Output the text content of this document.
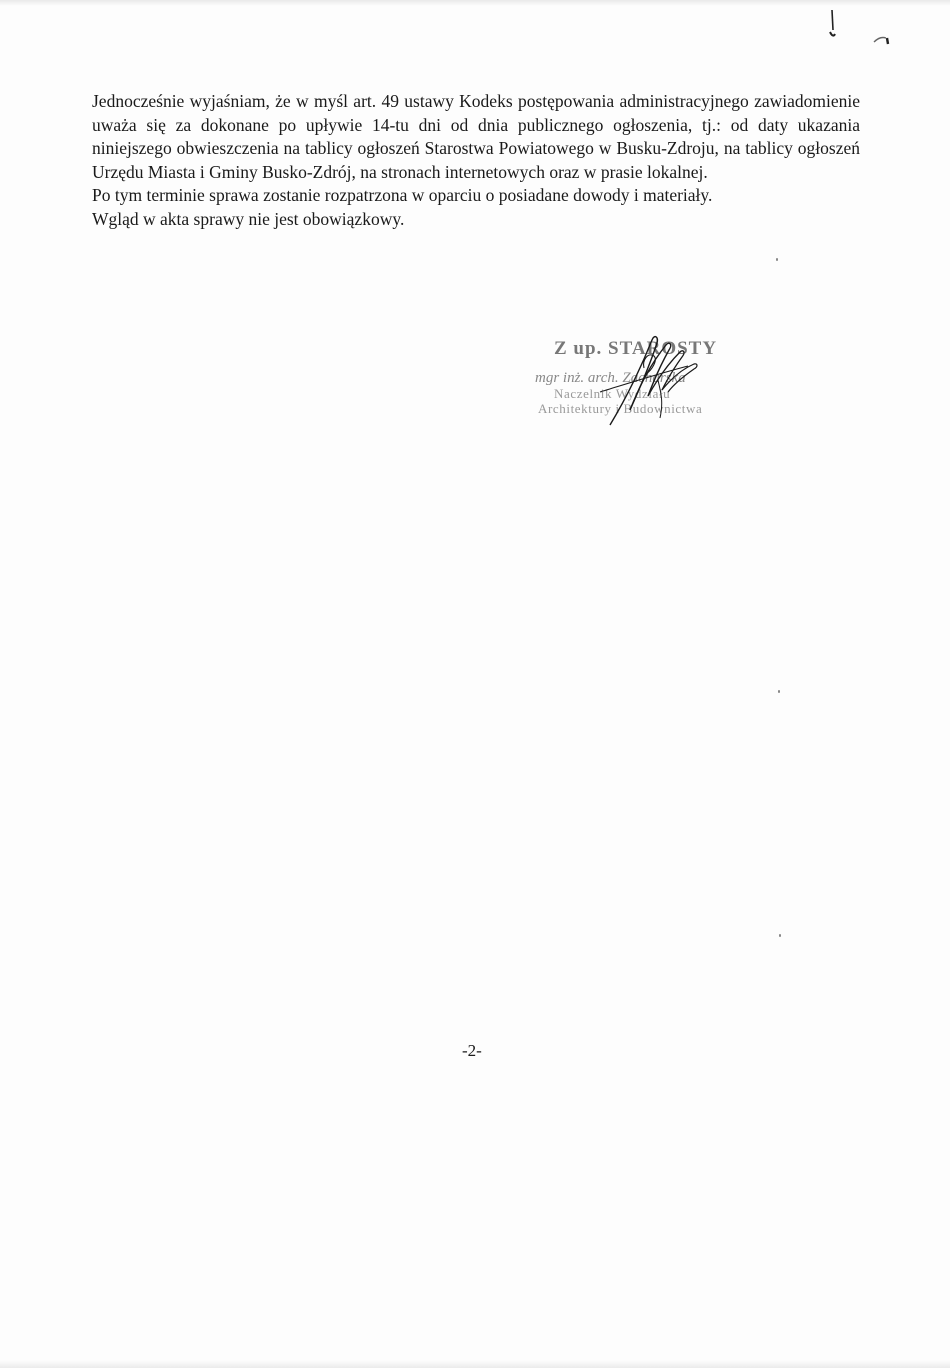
Jednocześnie wyjaśniam, że w myśl art. 49 ustawy Kodeks postępowania administracyjnego zawiadomienie uważa się za dokonane po upływie 14-tu dni od dnia publicznego ogłoszenia, tj.: od daty ukazania niniejszego obwieszczenia na tablicy ogłoszeń Starostwa Powiatowego w Busku-Zdroju, na tablicy ogłoszeń Urzędu Miasta i Gminy Busko-Zdrój, na stronach internetowych oraz w prasie lokalnej.

Po tym terminie sprawa zostanie rozpatrzona w oparciu o posiadane dowody i materiały.

Wgląd w akta sprawy nie jest obowiązkowy.

Z up. STAROSTY
mgr inż. arch. Zacharska
Naczelnik Wydziału
Architektury i Budownictwa
-2-
